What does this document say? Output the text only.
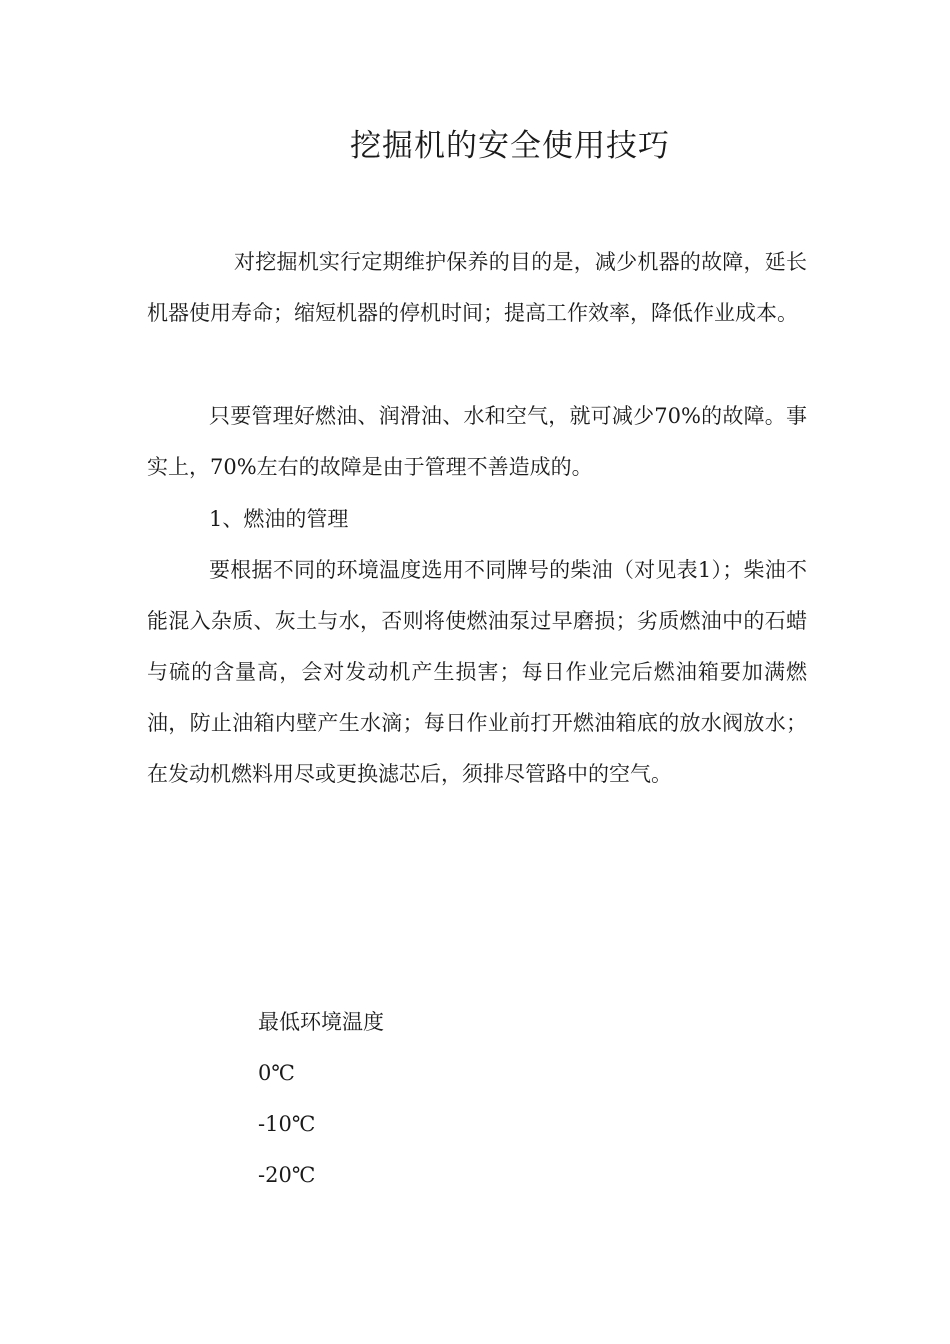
挖掘机的安全使用技巧
对挖掘机实行定期维护保养的目的是，减少机器的故障，延长机器使用寿命；缩短机器的停机时间；提高工作效率，降低作业成本。
只要管理好燃油、润滑油、水和空气，就可减少70%的故障。事实上，70%左右的故障是由于管理不善造成的。
1、燃油的管理
要根据不同的环境温度选用不同牌号的柴油（对见表1）；柴油不能混入杂质、灰土与水，否则将使燃油泵过早磨损；劣质燃油中的石蜡与硫的含量高，会对发动机产生损害；每日作业完后燃油箱要加满燃油，防止油箱内壁产生水滴；每日作业前打开燃油箱底的放水阀放水；在发动机燃料用尽或更换滤芯后，须排尽管路中的空气。
最低环境温度
0℃
-10℃
-20℃
